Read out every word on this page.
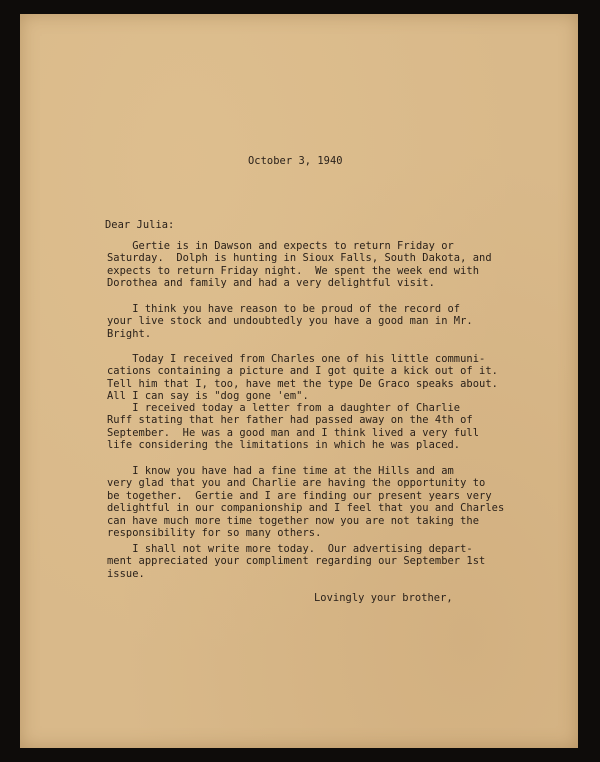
October 3, 1940
Dear Julia:
Gertie is in Dawson and expects to return Friday or
Saturday.  Dolph is hunting in Sioux Falls, South Dakota, and
expects to return Friday night.  We spent the week end with
Dorothea and family and had a very delightful visit.
I think you have reason to be proud of the record of
your live stock and undoubtedly you have a good man in Mr.
Bright.
Today I received from Charles one of his little communi-
cations containing a picture and I got quite a kick out of it.
Tell him that I, too, have met the type De Graco speaks about.
All I can say is "dog gone 'em".
I received today a letter from a daughter of Charlie
Ruff stating that her father had passed away on the 4th of
September.  He was a good man and I think lived a very full
life considering the limitations in which he was placed.
I know you have had a fine time at the Hills and am
very glad that you and Charlie are having the opportunity to
be together.  Gertie and I are finding our present years very
delightful in our companionship and I feel that you and Charles
can have much more time together now you are not taking the
responsibility for so many others.
I shall not write more today.  Our advertising depart-
ment appreciated your compliment regarding our September 1st
issue.
Lovingly your brother,
